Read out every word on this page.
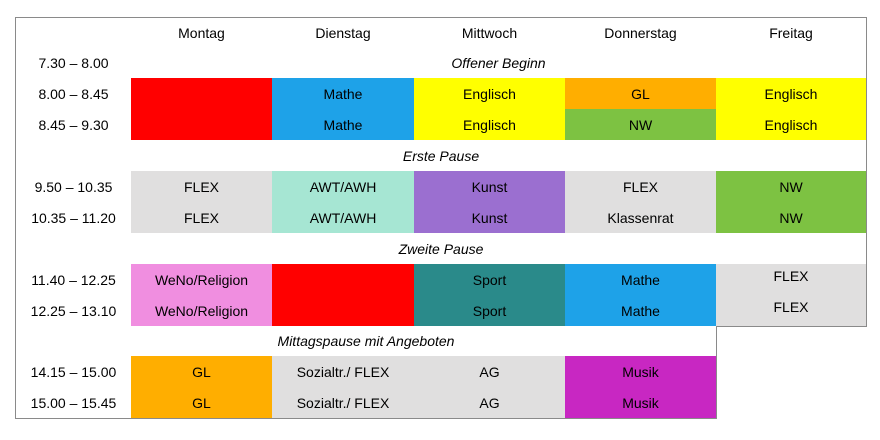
Montag	Dienstag	Mittwoch	Donnerstag	Freitag
7.30 – 8.00	Offener Beginn
8.00 – 8.45	Deutsch	Mathe	Englisch	GL	Englisch
8.45 – 9.30	Deutsch	Mathe	Englisch	NW	Englisch
Erste Pause
9.50 – 10.35	FLEX	AWT/AWH	Kunst	FLEX	NW
10.35 – 11.20	FLEX	AWT/AWH	Kunst	Klassenrat	NW
Zweite Pause
11.40 – 12.25	WeNo/Religion	Deutsch	Sport	Mathe	FLEX
12.25 – 13.10	WeNo/Religion	Deutsch	Sport	Mathe	FLEX
Mittagspause mit Angeboten
14.15 – 15.00	GL	Sozialtr./ FLEX	AG	Musik
15.00 – 15.45	GL	Sozialtr./ FLEX	AG	Musik
